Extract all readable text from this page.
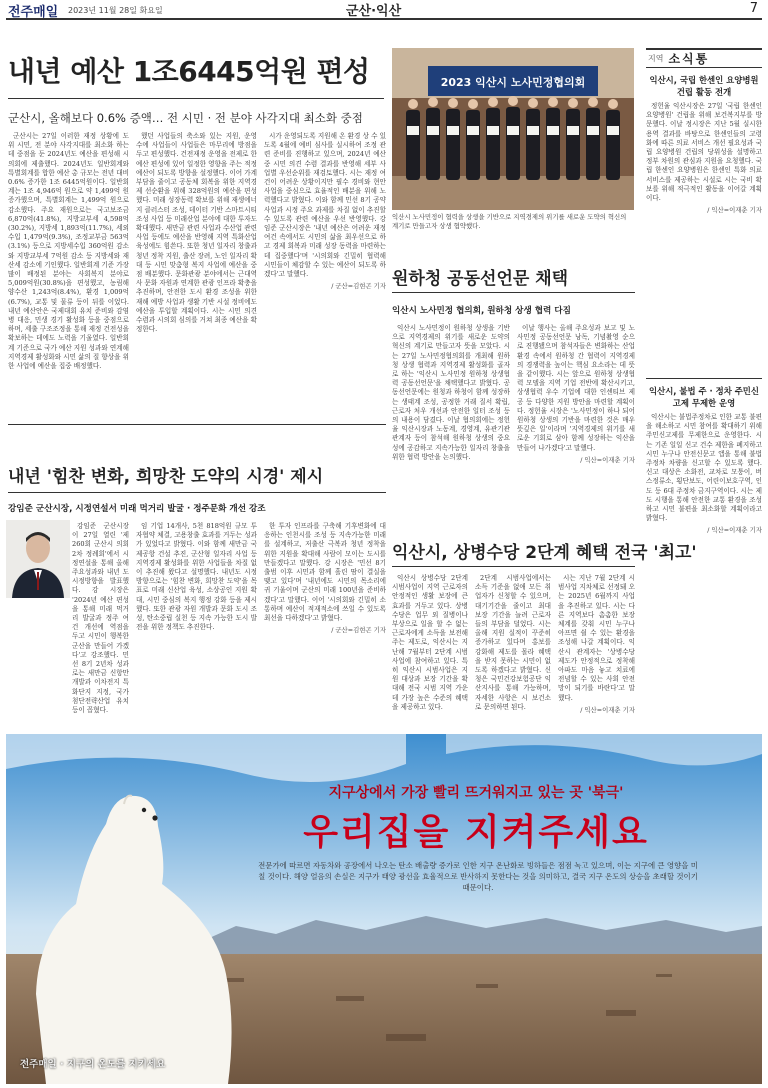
전주매일 2023년 11월 28일 화요일	군산·익산	7
내년 예산 1조6445억원 편성
군산시, 올해보다 0.6% 증액… 전 시민 · 전 분야 사각지대 최소화 중점

군산시는 27일 이러한 재정 상황에 도 위 시민, 전 분야 사각지대를 최소화 하는 데 중점을 둔 2024년도 예산을 편성해 시의회에 제출했다. 2024년도 일반회계와 특별회계를 합한 예산 총 규모는 전년 대비 0.6% 증가한 1조 6445억원이다. 일반회계는 1조 4,946억 원으로 약 1,499억 원 증가했으며, 특별회계는 1,499억 원으로 감소했다. 주요 재원으로는 국고보조금 6,870억(41.8%), 지방교부세 4,598억(30.2%), 지방세 1,893억(11.7%), 세외수입 1,479억(9.3%), 조정교부금 563억(3.1%) 등으로 지방세수입 360억원 감소와 지방교부세 7억원 감소 등 지방세와 재산세 감소에 기인했다. 일반회계 기준 가장 많이 배정된 분야는 사회복지 분야로 5,009억원(30.8%)을 편성했고, 농림해양수산 1,243억(8.4%), 환경 1,009억(6.7%), 교통 및 물류 등이 뒤를 이었다. 내년 예산안은 국제대회 유치 준비와 감염병 대응, 민생 경기 활성화 등을 중점으로 하며, 세출 구조조정을 통해 재정 건전성을 확보하는 데에도 노력을 기울였다. 일반회계 기준으로 국가 예산 지원 성과와 연계해 지역경제 활성화와 시민 삶의 질 향상을 위한 사업에 예산을 집중 배정했다.

했던 사업들의 축소와 있는 지원, 운영 수에 사업들이 사업들은 마무리에 방점을 두고 편성했다. 건전재정 운영을 전제로 한 예산 편성에 있어 일정한 영향을 주는 적정 예산이 되도록 방향을 설정했다. 이어 가계부담을 줄이고 공동체 회복을 위한 지역경제 선순환을 위해 328억원의 예산을 편성했다. 미래 성장동력 확보를 위해 재생에너지 클러스터 조성, 데이터 기반 스마트시티 조성 사업 등 미래산업 분야에 대한 투자도 확대했다. 새만금 관련 사업과 수산업 관련 사업 등에도 예산을 반영해 지역 특화산업 육성에도 힘쓴다. 또한 청년 일자리 창출과 청년 정착 지원, 출산 장려, 노인 일자리 확대 등 시민 맞춤형 복지 사업에 예산을 중점 배분했다. 문화관광 분야에서는 근대역사 문화 자원과 연계한 관광 인프라 확충을 추진하며, 안전한 도시 환경 조성을 위한 재해 예방 사업과 생활 기반 시설 정비에도 예산을 투입할 계획이다. 시는 시민 의견 수렴과 시의회 심의를 거쳐 최종 예산을 확정한다.

시가 운영되도록 지원해 온 환경 상 수 있도록 4월에 예비 심사를 실시하여 조정 관련 준비를 진행하고 있으며, 2024년 예산 중 시민 의견 수렴 결과를 반영해 세부 사업별 우선순위를 재검토했다. 시는 재정 여건이 어려운 상황이지만 필수 경비와 현안 사업을 중심으로 효율적인 배분을 위해 노력했다고 밝혔다. 이와 함께 민선 8기 공약 사업과 시정 주요 과제를 차질 없이 추진할 수 있도록 관련 예산을 우선 반영했다. 강임준 군산시장은 '내년 예산은 어려운 재정 여건 속에서도 시민의 삶을 최우선으로 하고 경제 회복과 미래 성장 동력을 마련하는 데 집중했다'며 '시의회와 긴밀히 협력해 시민들이 체감할 수 있는 예산이 되도록 하겠다'고 말했다.

/ 군산=김현곤 기자
2023 익산시 노사민정협의회
익산시 노사민정이 협력을 상생을 기반으로 지역경제의 위기를 새로운 도약의 혁신의 계기로 만들고자 상생 협약했다.
원하청 공동선언문 채택
익산시 노사민정 협의회, 원하청 상생 협력 다짐

익산시 노사민정이 원하청 상생을 기반으로 지역경제의 위기를 새로운 도약의 혁신의 계기로 만들고자 뜻을 모았다. 시는 27일 노사민정협의회를 개최해 원하청 상생 협력과 지역경제 활성화를 골자로 하는 '익산시 노사민정 원하청 상생협력 공동선언문'을 채택했다고 밝혔다. 공동선언문에는 원청과 하청이 함께 성장하는 생태계 조성, 공정한 거래 질서 확립, 근로자 처우 개선과 안전한 일터 조성 등의 내용이 담겼다. 이날 협의회에는 정헌율 익산시장과 노동계, 경영계, 유관기관 관계자 등이 참석해 원하청 상생의 중요성에 공감하고 지속가능한 일자리 창출을 위한 협력 방안을 논의했다.

이날 행사는 올해 주요성과 보고 및 노사민정 공동선언문 낭독, 기념촬영 순으로 진행됐으며 참석자들은 변화하는 산업 환경 속에서 원하청 간 협력이 지역경제의 경쟁력을 높이는 핵심 요소라는 데 뜻을 같이했다. 시는 앞으로 원하청 상생협력 모델을 지역 기업 전반에 확산시키고, 상생협력 우수 기업에 대한 인센티브 제공 등 다양한 지원 방안을 마련할 계획이다. 정헌율 시장은 '노사민정이 하나 되어 원하청 상생의 기반을 마련한 것은 매우 뜻깊은 일'이라며 '지역경제의 위기를 새로운 기회로 삼아 함께 성장하는 익산을 만들어 나가겠다'고 말했다.

/ 익산=이재춘 기자
내년 '힘찬 변화, 희망찬 도약의 시경' 제시
강임준 군산시장, 시정연설서 미래 먹거리 발굴 · 정주문화 개선 강조

강임준 군산시장이 27일 열린 '제260회 군산시 의회 2차 정례회'에서 시정연설을 통해 올해 주요성과와 내년 도 시정방향을 발표했다. 강 시장은 '2024년 예산 편성을 통해 미래 먹거리 발굴과 정주 여건 개선에 역점을 두고 시민이 행복한 군산을 만들어 가겠다'고 강조했다. 민선 8기 2년차 성과로는 새만금 신항만 개발과 이차전지 특화단지 지정, 국가 첨단전략산업 유치 등이 꼽혔다.

임 기업 14개사, 5천 818억원 규모 투자협약 체결, 고용창출 효과를 거두는 성과가 있었다고 밝혔다. 이와 함께 새만금 국제공항 건설 추진, 군산형 일자리 사업 등 지역경제 활성화를 위한 사업들을 차질 없이 추진해 왔다고 설명했다. 내년도 시정 방향으로는 '힘찬 변화, 희망찬 도약'을 목표로 미래 신산업 육성, 소상공인 지원 확대, 시민 중심의 복지 행정 강화 등을 제시했다. 또한 관광 자원 개발과 문화 도시 조성, 탄소중립 실천 등 지속 가능한 도시 발전을 위한 정책도 추진한다.

한 투자 인프라를 구축해 기후변화에 대응하는 인천시를 조성 등 지속가능한 미래를 설계하고, 저출산 극복과 청년 정착을 위한 지원을 확대해 사람이 모이는 도시를 만들겠다고 말했다. 강 시장은 '민선 8기 출범 이후 시민과 함께 흘린 땀이 결실을 맺고 있다'며 '내년에도 시민의 목소리에 귀 기울이며 군산의 미래 100년을 준비하겠다'고 말했다. 이어 '시의회와 긴밀히 소통하며 예산이 적재적소에 쓰일 수 있도록 최선을 다하겠다'고 밝혔다.

/ 군산=김현곤 기자
익산시, 상병수당 2단계 혜택 전국 '최고'

익산시 상병수당 2단계 시범사업이 지역 근로자의 안정적인 생활 보장에 큰 효과를 거두고 있다. 상병수당은 업무 외 질병이나 부상으로 일을 할 수 없는 근로자에게 소득을 보전해주는 제도로, 익산시는 지난해 7월부터 2단계 시범사업에 참여하고 있다. 특히 익산시 시범사업은 지원 대상과 보장 기간을 확대해 전국 시범 지역 가운데 가장 높은 수준의 혜택을 제공하고 있다.

2단계 시범사업에서는 소득 기준을 없애 모든 취업자가 신청할 수 있으며, 대기기간을 줄이고 최대 보장 기간을 늘려 근로자들의 부담을 덜었다. 시는 올해 지원 실적이 꾸준히 증가하고 있다며 홍보를 강화해 제도를 몰라 혜택을 받지 못하는 시민이 없도록 하겠다고 밝혔다. 신청은 국민건강보험공단 익산지사를 통해 가능하며, 자세한 사항은 시 보건소로 문의하면 된다.

시는 지난 7월 2단계 시범사업 지차체로 선정돼 오는 2025년 6월까지 사업을 추진하고 있다. 시는 다른 지역보다 촘촘한 보장 체계를 갖춰 시민 누구나 아프면 쉴 수 있는 환경을 조성해 나갈 계획이다. 익산시 관계자는 '상병수당 제도가 안정적으로 정착해 아파도 마음 놓고 치료에 전념할 수 있는 사회 안전망이 되기를 바란다'고 말했다.

/ 익산=이재춘 기자
지역 소식통
익산시, 국립 한센인 요양병원건립 활동 전개

정헌율 익산시장은 27일 '국립 한센인 요양병원' 건립을 위해 보건복지부를 방문했다. 이날 정시장은 지난 5월 실시한 용역 결과를 바탕으로 한센인들의 고령화에 따른 의료 서비스 개선 필요성과 국립 요양병원 건립의 당위성을 설명하고 정부 차원의 관심과 지원을 요청했다. 국립 한센인 요양병원은 한센인 특화 의료 서비스를 제공하는 시설로 시는 국비 확보를 위해 적극적인 활동을 이어갈 계획이다.

/ 익산=이재춘 기자
익산시, 불법 주 · 정차 주민신고제 무제한 운영

익산시는 불법주정차로 인한 교통 불편을 해소하고 시민 참여를 확대하기 위해 주민신고제를 무제한으로 운영한다. 시는 기존 일일 신고 건수 제한을 폐지하고 시민 누구나 안전신문고 앱을 통해 불법 주정차 차량을 신고할 수 있도록 했다. 신고 대상은 소화전, 교차로 모퉁이, 버스정류소, 횡단보도, 어린이보호구역, 인도 등 6대 주정차 금지구역이다. 시는 제도 시행을 통해 안전한 교통 환경을 조성하고 시민 불편을 최소화할 계획이라고 밝혔다.

/ 익산=이재춘 기자
지구상에서 가장 빨리 뜨거워지고 있는 곳 '북극'
우리집을 지켜주세요
전문가에 따르면 자동차와 공장에서 나오는 탄소 배출량 증가로 인한 지구 온난화로 빙하들은 점점 녹고 있으며, 이는 지구에 큰 영향을 미칠 것이다. 해양 얼음의 손실은 지구가 태양 광선을 효율적으로 반사하지 못한다는 것을 의미하고, 결국 지구 온도의 상승을 초래할 것이기 때문이다.
전주매일 · 지구의 온도를 지키세요
